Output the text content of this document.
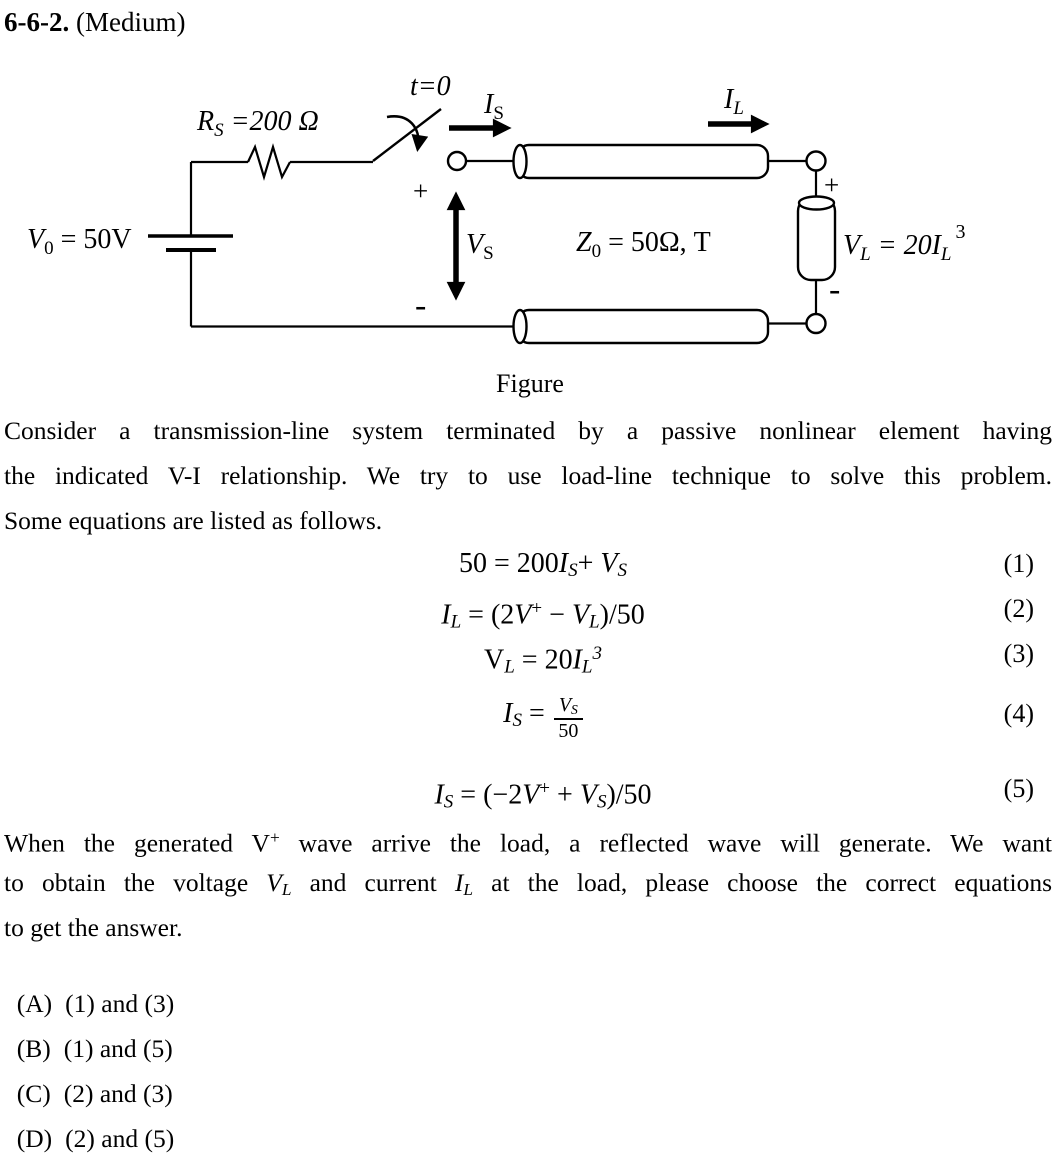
6-6-2. (Medium)
t=0
$I_S$	$I_L$
$R_S =200$ Ω
$V_0 = 50V$	$V_S$	$Z_0 = 50\Omega$, T	$V_L = 20I_L^3$
+
-
+
-
Figure
Consider a transmission-line system terminated by a passive nonlinear element having
the indicated V-I relationship. We try to use load-line technique to solve this problem.
Some equations are listed as follows.
50 = 200IS+ VS	(1)
IL = (2V+ − VL)/50	(2)
VL = $20IL^3$	(3)
IS = $\frac{VS}{50}$	(4)
IS = (−2V+ + VS)/50	(5)
When the generated V+ wave arrive the load, a reflected wave will generate. We want
to obtain the voltage VL and current IL at the load, please choose the correct equations
to get the answer.

(A) (1) and (3)
(B) (1) and (5)
(C) (2) and (3)
(D) (2) and (5)
